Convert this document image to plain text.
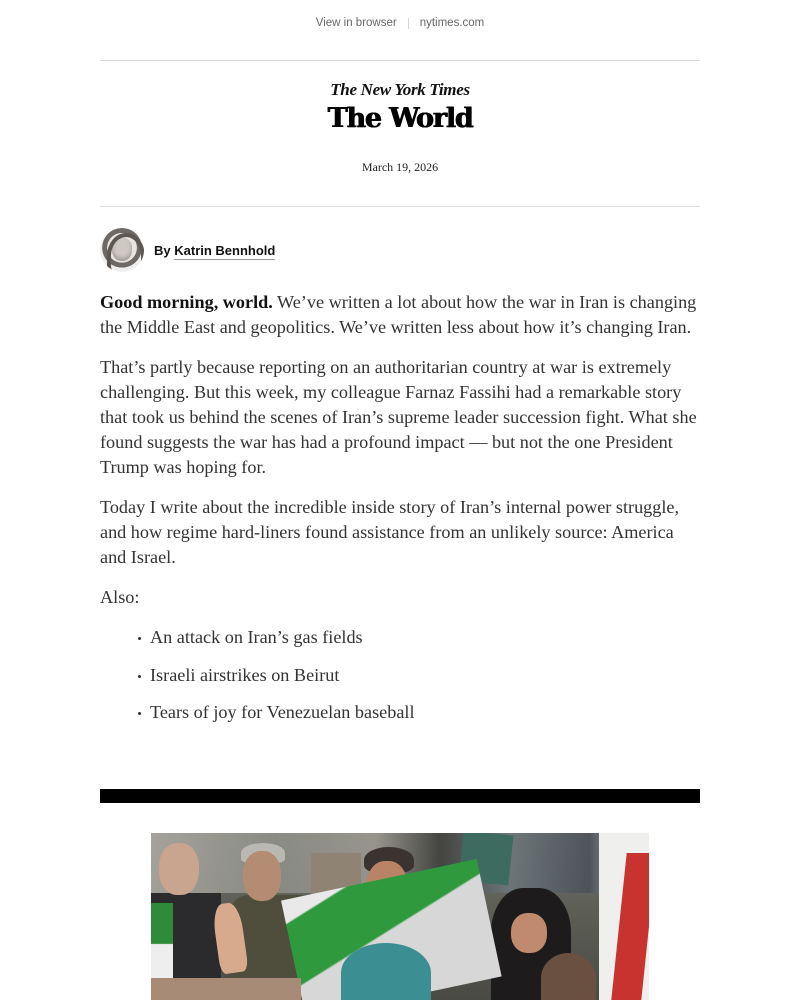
View in browser nytimes.com
The New York Times
The World
March 19, 2026
By Katrin Bennhold

Good morning, world. We’ve written a lot about how the war in Iran is changing the Middle East and geopolitics. We’ve written less about how it’s changing Iran.

That’s partly because reporting on an authoritarian country at war is extremely challenging. But this week, my colleague Farnaz Fassihi had a remarkable story that took us behind the scenes of Iran’s supreme leader succession fight. What she found suggests the war has had a profound impact — but not the one President Trump was hoping for.

Today I write about the incredible inside story of Iran’s internal power struggle, and how regime hard-liners found assistance from an unlikely source: America and Israel.

Also:

An attack on Iran’s gas fields
Israeli airstrikes on Beirut
Tears of joy for Venezuelan baseball
